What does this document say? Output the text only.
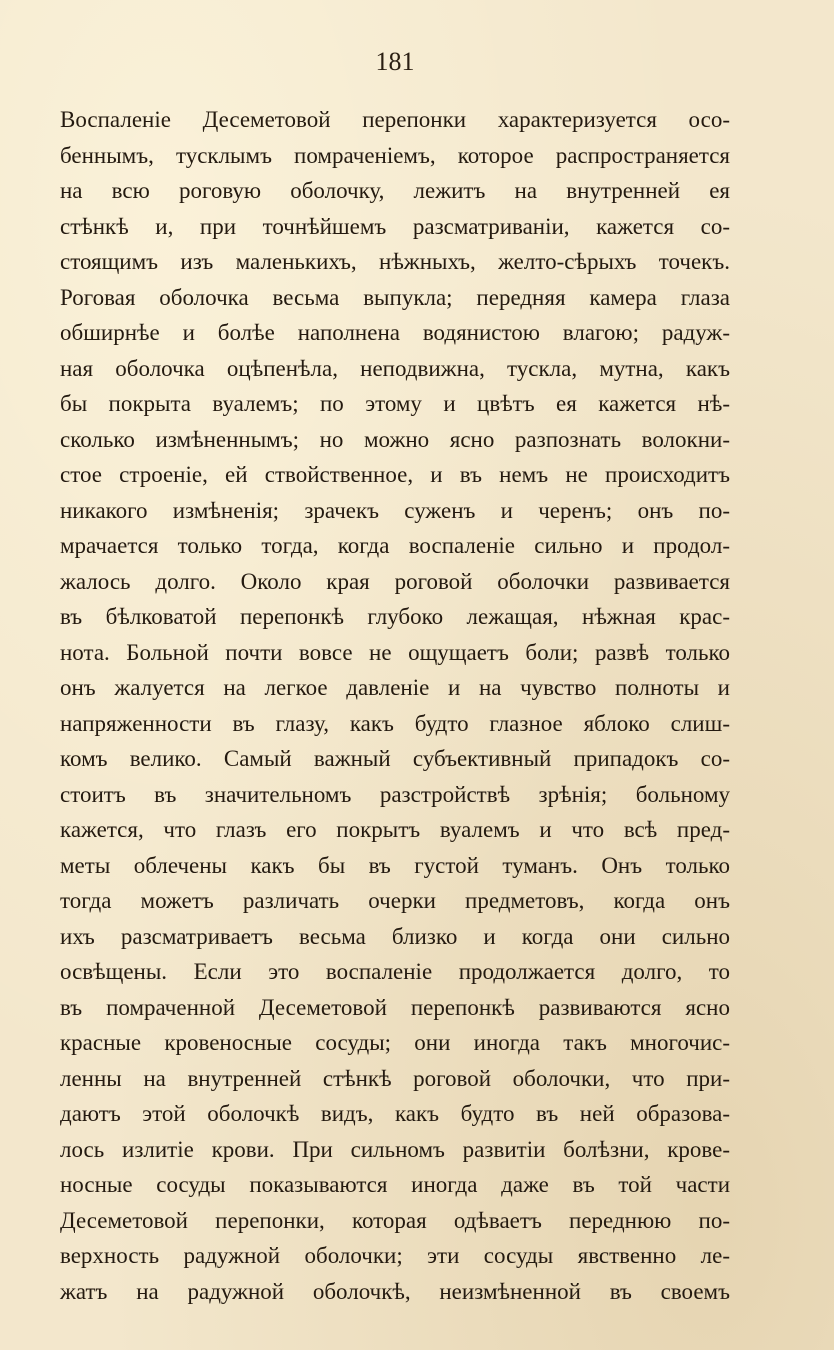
181
Воспаленіе Десеметовой перепонки характеризуется осо-
беннымъ, тусклымъ помраченіемъ, которое распространяется
на всю роговую оболочку, лежитъ на внутренней ея
стѣнкѣ и, при точнѣйшемъ разсматриваніи, кажется со-
стоящимъ изъ маленькихъ, нѣжныхъ, желто-сѣрыхъ точекъ.
Роговая оболочка весьма выпукла; передняя камера глаза
обширнѣе и болѣе наполнена водянистою влагою; радуж-
ная оболочка оцѣпенѣла, неподвижна, тускла, мутна, какъ
бы покрыта вуалемъ; по этому и цвѣтъ ея кажется нѣ-
сколько измѣненнымъ; но можно ясно разпознать волокни-
стое строеніе, ей ствойственное, и въ немъ не происходитъ
никакого измѣненія; зрачекъ суженъ и черенъ; онъ по-
мрачается только тогда, когда воспаленіе сильно и продол-
жалось долго. Около края роговой оболочки развивается
въ бѣлковатой перепонкѣ глубоко лежащая, нѣжная крас-
нота. Больной почти вовсе не ощущаетъ боли; развѣ только
онъ жалуется на легкое давленіе и на чувство полноты и
напряженности въ глазу, какъ будто глазное яблоко слиш-
комъ велико. Самый важный субъективный припадокъ со-
стоитъ въ значительномъ разстройствѣ зрѣнія; больному
кажется, что глазъ его покрытъ вуалемъ и что всѣ пред-
меты облечены какъ бы въ густой туманъ. Онъ только
тогда можетъ различать очерки предметовъ, когда онъ
ихъ разсматриваетъ весьма близко и когда они сильно
освѣщены. Если это воспаленіе продолжается долго, то
въ помраченной Десеметовой перепонкѣ развиваются ясно
красные кровеносные сосуды; они иногда такъ многочис-
ленны на внутренней стѣнкѣ роговой оболочки, что при-
даютъ этой оболочкѣ видъ, какъ будто въ ней образова-
лось излитіе крови. При сильномъ развитіи болѣзни, крове-
носные сосуды показываются иногда даже въ той части
Десеметовой перепонки, которая одѣваетъ переднюю по-
верхность радужной оболочки; эти сосуды явственно ле-
жатъ на радужной оболочкѣ, неизмѣненной въ своемъ
